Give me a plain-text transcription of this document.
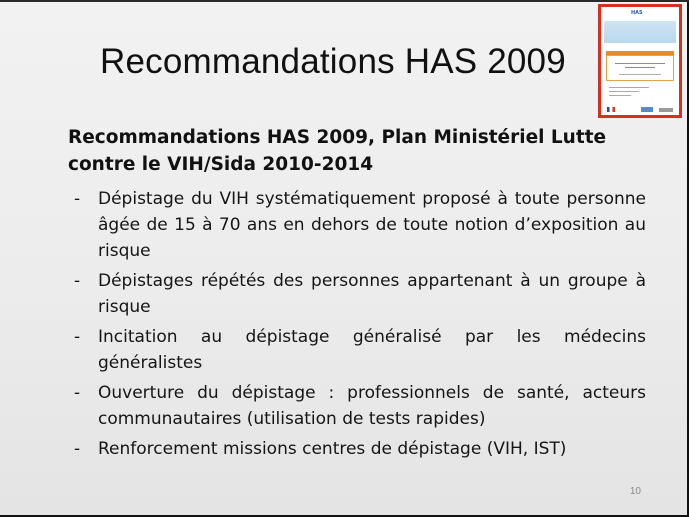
Recommandations HAS 2009
HAS
Recommandations HAS 2009, Plan Ministériel Lutte
contre le VIH/Sida 2010-2014
- Dépistage du VIH systématiquement proposé à toute personne âgée de 15 à 70 ans en dehors de toute notion d’exposition au risque
- Dépistages répétés des personnes appartenant à un groupe à risque
- Incitation au dépistage généralisé par les médecins généralistes
- Ouverture du dépistage : professionnels de santé, acteurs communautaires (utilisation de tests rapides)
- Renforcement missions centres de dépistage (VIH, IST)
10
